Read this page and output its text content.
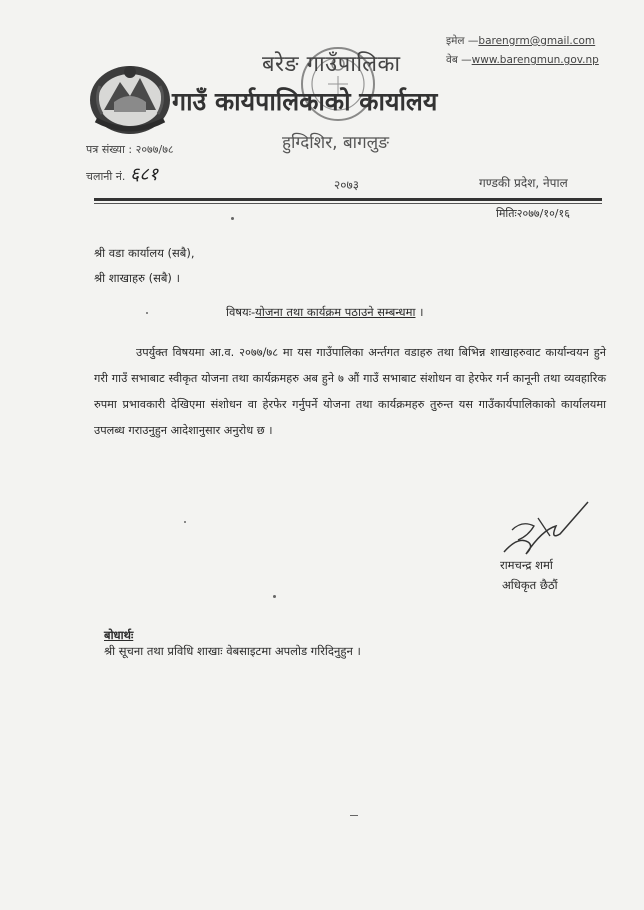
बरेङ गाउँपालिका
गाउँ कार्यपालिकाको कार्यालय
हुग्दिशिर, बागलुङ
इमेल —barengrm@gmail.com
वेब —www.barengmun.gov.np
पत्र संख्या : २०७७/७८
चलानी नं. ६८१	२०७३	गण्डकी प्रदेश, नेपाल
मितिः२०७७/१०/१६
श्री वडा कार्यालय (सबै),
श्री शाखाहरु (सबै) ।
विषयः-योजना तथा कार्यक्रम पठाउने सम्बन्धमा ।
उपर्युक्त विषयमा आ.व. २०७७/७८ मा यस गाउँपालिका अर्न्तगत वडाहरु तथा बिभिन्न शाखाहरुवाट कार्यान्वयन हुने गरी गाउँ सभाबाट स्वीकृत योजना तथा कार्यक्रमहरु अब हुने ७ औं गाउँ सभाबाट संशोधन वा हेरफेर गर्न कानूनी तथा व्यवहारिक रुपमा प्रभावकारी देखिएमा संशोधन वा हेरफेर गर्नुपर्ने योजना तथा कार्यक्रमहरु तुरुन्त यस गाउँकार्यपालिकाको कार्यालयमा उपलब्ध गराउनुहुन आदेशानुसार अनुरोध छ ।
रामचन्द्र शर्मा
अधिकृत छैठौं
बोधार्थः
श्री सूचना तथा प्रविधि शाखाः वेबसाइटमा अपलोड गरिदिनुहुन ।
